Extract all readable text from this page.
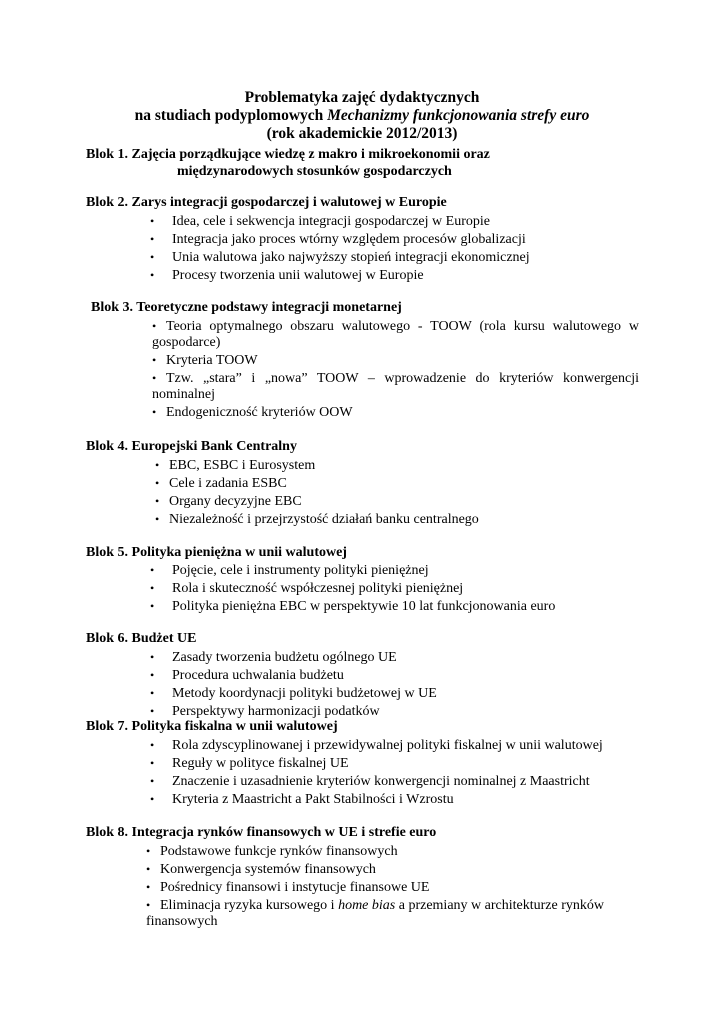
Problematyka zajęć dydaktycznych
na studiach podyplomowych Mechanizmy funkcjonowania strefy euro
(rok akademickie 2012/2013)
Blok 1. Zajęcia porządkujące wiedzę z makro i mikroekonomii oraz
międzynarodowych stosunków gospodarczych
Blok 2. Zarys integracji gospodarczej i walutowej w Europie
• Idea, cele i sekwencja integracji gospodarczej w Europie
• Integracja jako proces wtórny względem procesów globalizacji
• Unia walutowa jako najwyższy stopień integracji ekonomicznej
• Procesy tworzenia unii walutowej w Europie
Blok 3. Teoretyczne podstawy integracji monetarnej
• Teoria optymalnego obszaru walutowego - TOOW (rola kursu walutowego w
gospodarce)
• Kryteria TOOW
• Tzw. „stara” i „nowa” TOOW – wprowadzenie do kryteriów konwergencji
nominalnej
• Endogeniczność kryteriów OOW
Blok 4. Europejski Bank Centralny
• EBC, ESBC i Eurosystem
• Cele i zadania ESBC
• Organy decyzyjne EBC
• Niezależność i przejrzystość działań banku centralnego
Blok 5. Polityka pieniężna w unii walutowej
• Pojęcie, cele i instrumenty polityki pieniężnej
• Rola i skuteczność współczesnej polityki pieniężnej
• Polityka pieniężna EBC w perspektywie 10 lat funkcjonowania euro
Blok 6. Budżet UE
• Zasady tworzenia budżetu ogólnego UE
• Procedura uchwalania budżetu
• Metody koordynacji polityki budżetowej w UE
• Perspektywy harmonizacji podatków
Blok 7. Polityka fiskalna w unii walutowej
• Rola zdyscyplinowanej i przewidywalnej polityki fiskalnej w unii walutowej
• Reguły w polityce fiskalnej UE
• Znaczenie i uzasadnienie kryteriów konwergencji nominalnej z Maastricht
• Kryteria z Maastricht a Pakt Stabilności i Wzrostu
Blok 8. Integracja rynków finansowych w UE i strefie euro
• Podstawowe funkcje rynków finansowych
• Konwergencja systemów finansowych
• Pośrednicy finansowi i instytucje finansowe UE
• Eliminacja ryzyka kursowego i home bias a przemiany w architekturze rynków
finansowych
